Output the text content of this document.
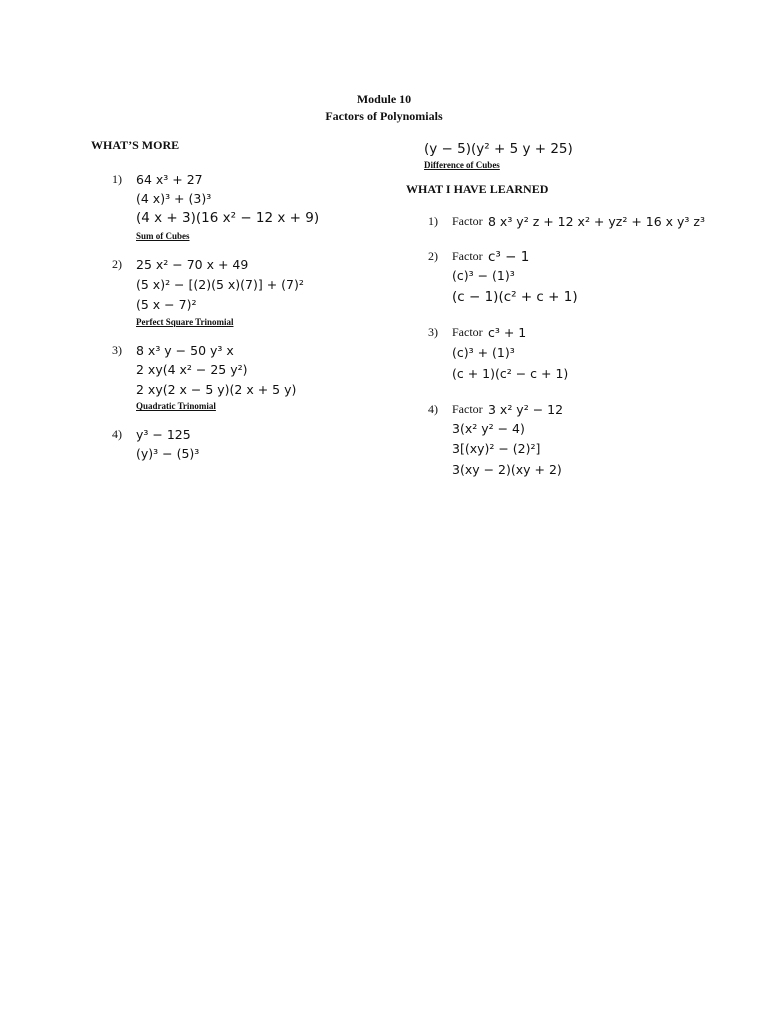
Module 10
Factors of Polynomials
WHAT’S MORE
1) 64 x³ + 27
(4 x)³ + (3)³
(4 x + 3)(16 x² − 12 x + 9)
Sum of Cubes
2) 25 x² − 70 x + 49
(5 x)² − [(2)(5 x)(7)] + (7)²
(5 x − 7)²
Perfect Square Trinomial
3) 8 x³ y − 50 y³ x
2 xy(4 x² − 25 y²)
2 xy(2 x − 5 y)(2 x + 5 y)
Quadratic Trinomial
4) y³ − 125
(y)³ − (5)³
(y − 5)(y² + 5 y + 25)
Difference of Cubes
WHAT I HAVE LEARNED
1) Factor 8 x³ y² z + 12 x² + yz² + 16 x y³ z³
2) Factor c³ − 1
(c)³ − (1)³
(c − 1)(c² + c + 1)
3) Factor c³ + 1
(c)³ + (1)³
(c + 1)(c² − c + 1)
4) Factor 3 x² y² − 12
3(x² y² − 4)
3[(xy)² − (2)²]
3(xy − 2)(xy + 2)
